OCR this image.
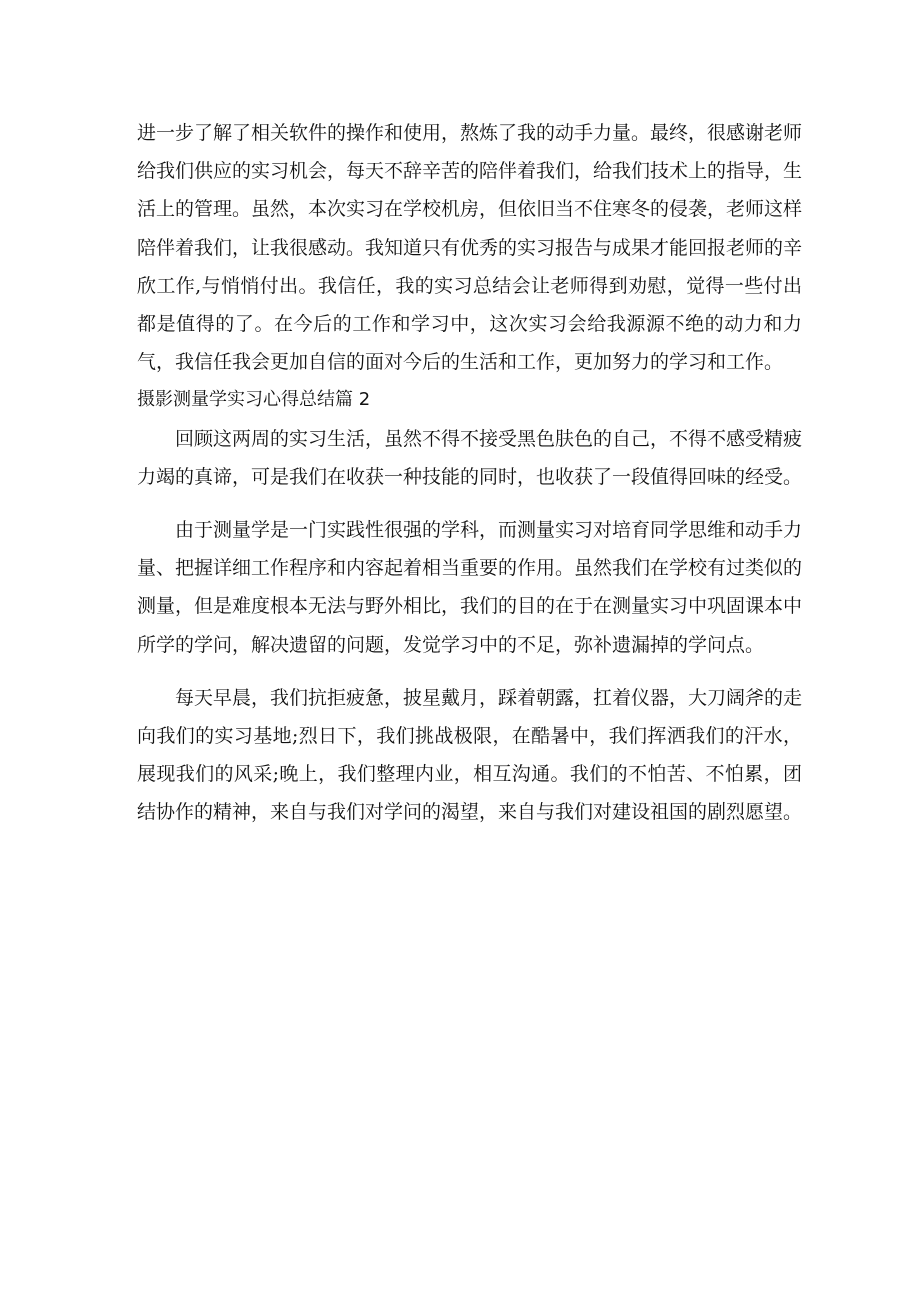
进一步了解了相关软件的操作和使用，熬炼了我的动手力量。最终，很感谢老师给我们供应的实习机会，每天不辞辛苦的陪伴着我们，给我们技术上的指导，生活上的管理。虽然，本次实习在学校机房，但依旧当不住寒冬的侵袭，老师这样陪伴着我们，让我很感动。我知道只有优秀的实习报告与成果才能回报老师的辛欣工作,与悄悄付出。我信任，我的实习总结会让老师得到劝慰，觉得一些付出都是值得的了。在今后的工作和学习中，这次实习会给我源源不绝的动力和力气，我信任我会更加自信的面对今后的生活和工作，更加努力的学习和工作。

摄影测量学实习心得总结篇 2

回顾这两周的实习生活，虽然不得不接受黑色肤色的自己，不得不感受精疲力竭的真谛，可是我们在收获一种技能的同时，也收获了一段值得回味的经受。

由于测量学是一门实践性很强的学科，而测量实习对培育同学思维和动手力量、把握详细工作程序和内容起着相当重要的作用。虽然我们在学校有过类似的测量，但是难度根本无法与野外相比，我们的目的在于在测量实习中巩固课本中所学的学问，解决遗留的问题，发觉学习中的不足，弥补遗漏掉的学问点。

每天早晨，我们抗拒疲惫，披星戴月，踩着朝露，扛着仪器，大刀阔斧的走向我们的实习基地;烈日下，我们挑战极限，在酷暑中，我们挥洒我们的汗水，展现我们的风采;晚上，我们整理内业，相互沟通。我们的不怕苦、不怕累，团结协作的精神，来自与我们对学问的渴望，来自与我们对建设祖国的剧烈愿望。
